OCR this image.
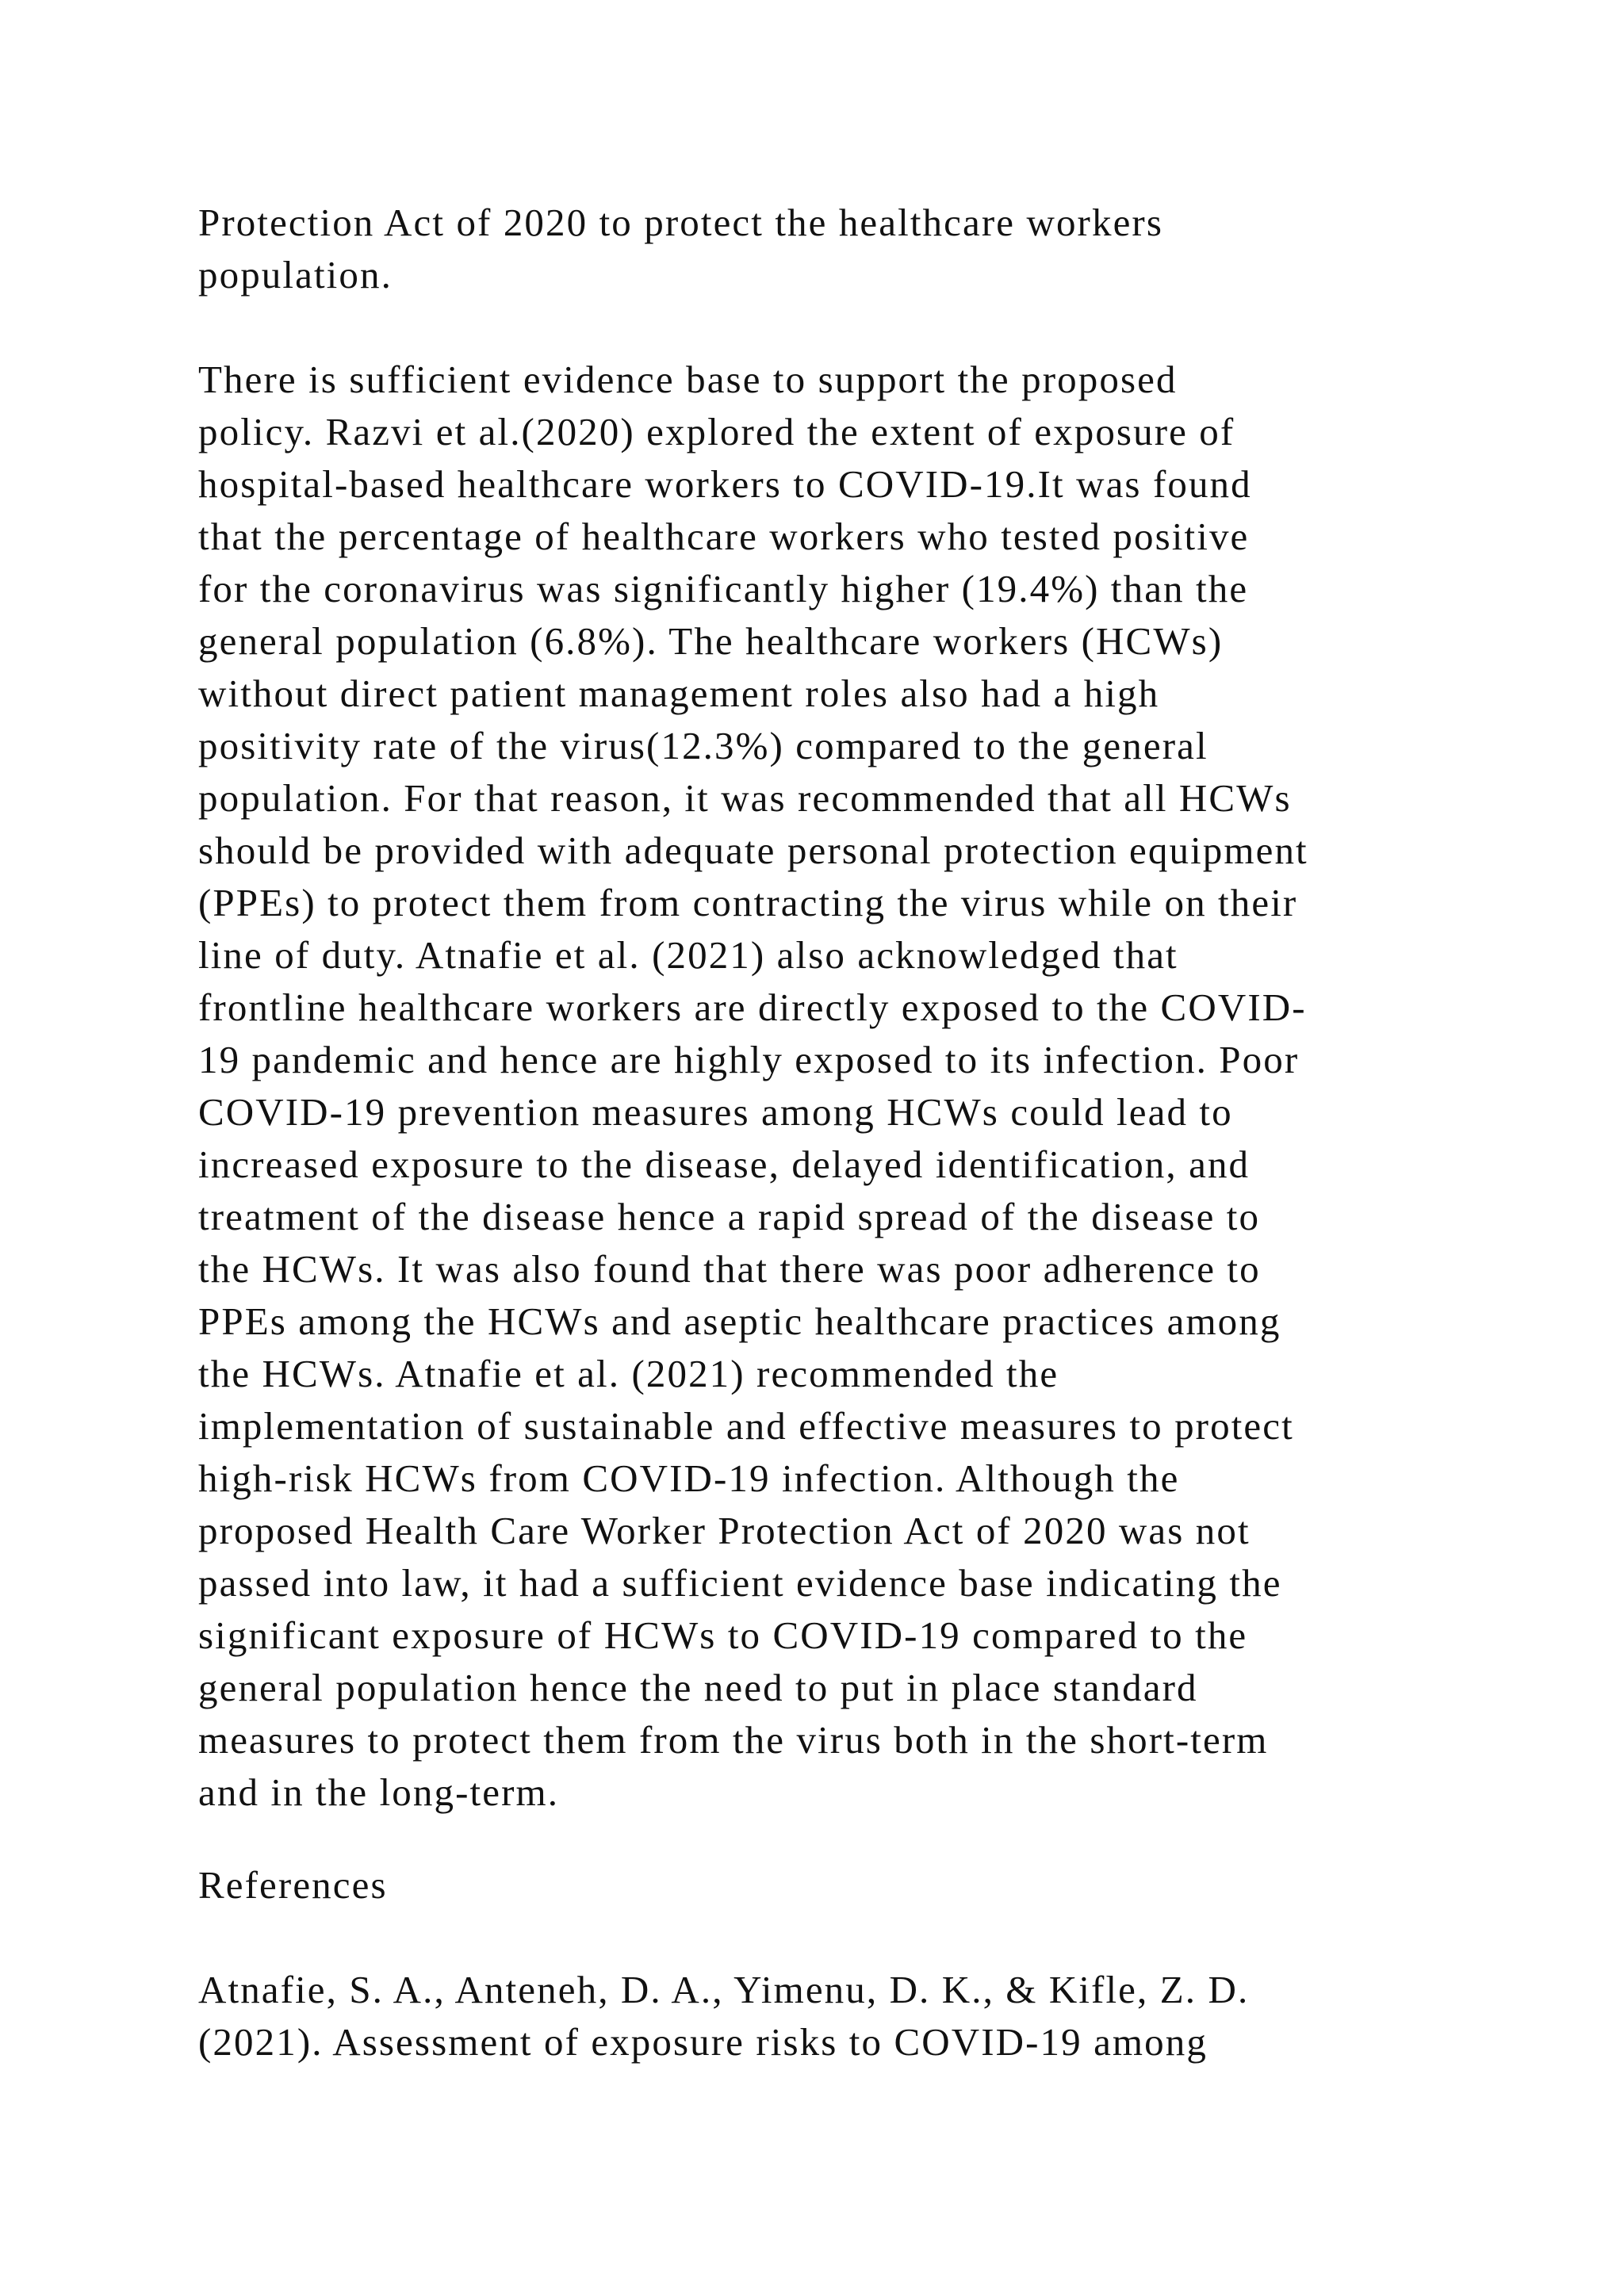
Protection Act of 2020 to protect the healthcare workers
population.
There is sufficient evidence base to support the proposed
policy. Razvi et al.(2020) explored the extent of exposure of
hospital-based healthcare workers to COVID-19.It was found
that the percentage of healthcare workers who tested positive
for the coronavirus was significantly higher (19.4%) than the
general population (6.8%). The healthcare workers (HCWs)
without direct patient management roles also had a high
positivity rate of the virus(12.3%) compared to the general
population. For that reason, it was recommended that all HCWs
should be provided with adequate personal protection equipment
(PPEs) to protect them from contracting the virus while on their
line of duty. Atnafie et al. (2021) also acknowledged that
frontline healthcare workers are directly exposed to the COVID-
19 pandemic and hence are highly exposed to its infection. Poor
COVID-19 prevention measures among HCWs could lead to
increased exposure to the disease, delayed identification, and
treatment of the disease hence a rapid spread of the disease to
the HCWs. It was also found that there was poor adherence to
PPEs among the HCWs and aseptic healthcare practices among
the HCWs. Atnafie et al. (2021) recommended the
implementation of sustainable and effective measures to protect
high-risk HCWs from COVID-19 infection. Although the
proposed Health Care Worker Protection Act of 2020 was not
passed into law, it had a sufficient evidence base indicating the
significant exposure of HCWs to COVID-19 compared to the
general population hence the need to put in place standard
measures to protect them from the virus both in the short-term
and in the long-term.
References
Atnafie, S. A., Anteneh, D. A., Yimenu, D. K., & Kifle, Z. D.
(2021). Assessment of exposure risks to COVID-19 among
